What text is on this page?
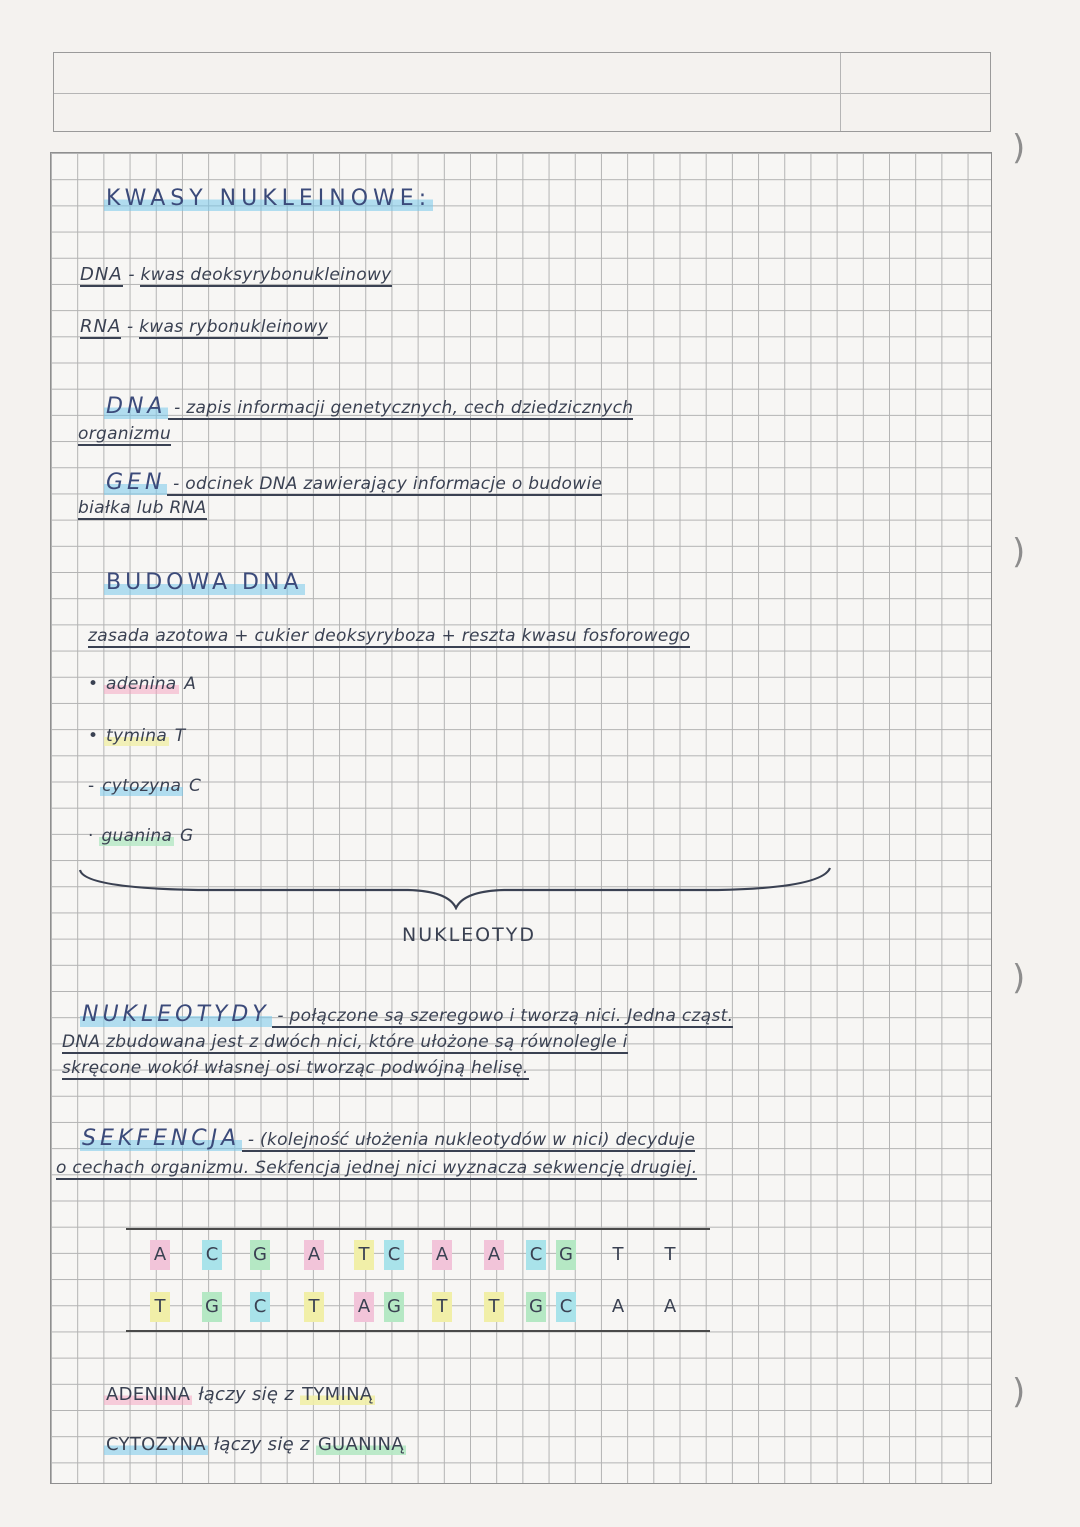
)
)
)
)
KWASY NUKLEINOWE:
DNA - kwas deoksyrybonukleinowy
RNA - kwas rybonukleinowy
DNA - zapis informacji genetycznych, cech dziedzicznych
organizmu
GEN - odcinek DNA zawierający informacje o budowie
białka lub RNA
BUDOWA DNA
zasada azotowa + cukier deoksyryboza + reszta kwasu fosforowego
• adenina A
• tymina T
- cytozyna C
· guanina G
NUKLEOTYD
NUKLEOTYDY - połączone są szeregowo i tworzą nici. Jedna cząst.
DNA zbudowana jest z dwóch nici, które ułożone są równolegle i
skręcone wokół własnej osi tworząc podwójną helisę.
SEKFENCJA - (kolejność ułożenia nukleotydów w nici) decyduje
o cechach organizmu. Sekfencja jednej nici wyznacza sekwencję drugiej.
A C G A T C A A C G T T
T G C T A G T T G C A A
ADENINA łączy się z TYMINĄ
CYTOZYNA łączy się z GUANINĄ
